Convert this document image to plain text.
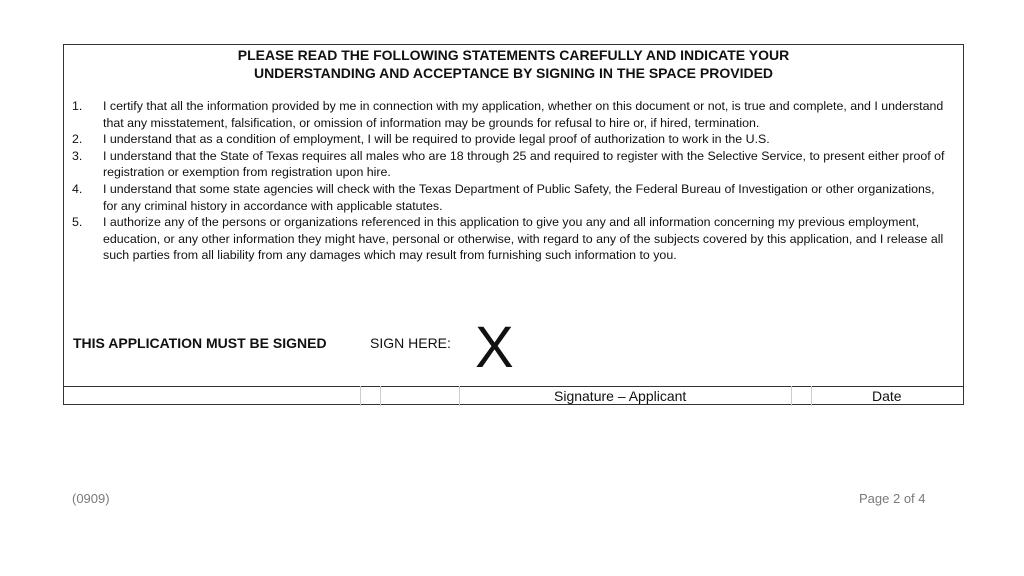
PLEASE READ THE FOLLOWING STATEMENTS CAREFULLY AND INDICATE YOUR
UNDERSTANDING AND ACCEPTANCE BY SIGNING IN THE SPACE PROVIDED
1. I certify that all the information provided by me in connection with my application, whether on this document or not, is true and complete, and I understand that any misstatement, falsification, or omission of information may be grounds for refusal to hire or, if hired, termination.
2. I understand that as a condition of employment, I will be required to provide legal proof of authorization to work in the U.S.
3. I understand that the State of Texas requires all males who are 18 through 25 and required to register with the Selective Service, to present either proof of registration or exemption from registration upon hire.
4. I understand that some state agencies will check with the Texas Department of Public Safety, the Federal Bureau of Investigation or other organizations, for any criminal history in accordance with applicable statutes.
5. I authorize any of the persons or organizations referenced in this application to give you any and all information concerning my previous employment, education, or any other information they might have, personal or otherwise, with regard to any of the subjects covered by this application, and I release all such parties from all liability from any damages which may result from furnishing such information to you.
THIS APPLICATION MUST BE SIGNED	SIGN HERE: X
Signature – Applicant	Date
(0909)	Page 2 of 4
